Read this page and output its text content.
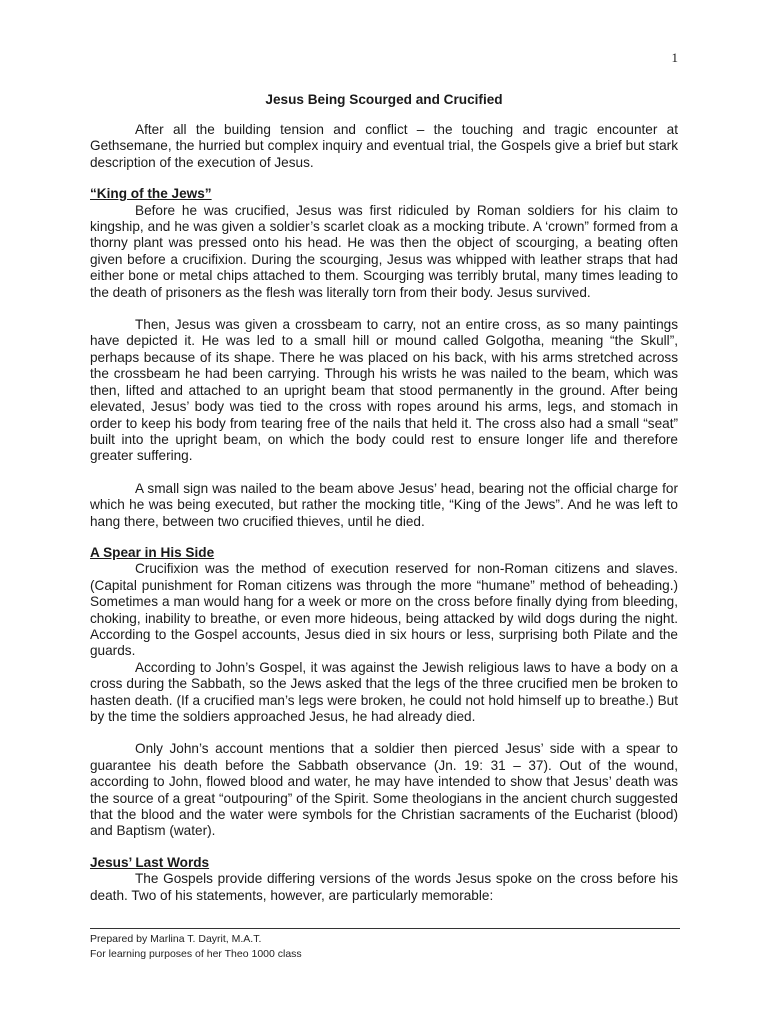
1
Jesus Being Scourged and Crucified

After all the building tension and conflict – the touching and tragic encounter at Gethsemane, the hurried but complex inquiry and eventual trial, the Gospels give a brief but stark description of the execution of Jesus.

“King of the Jews”

Before he was crucified, Jesus was first ridiculed by Roman soldiers for his claim to kingship, and he was given a soldier’s scarlet cloak as a mocking tribute. A ‘crown” formed from a thorny plant was pressed onto his head. He was then the object of scourging, a beating often given before a crucifixion. During the scourging, Jesus was whipped with leather straps that had either bone or metal chips attached to them. Scourging was terribly brutal, many times leading to the death of prisoners as the flesh was literally torn from their body. Jesus survived.

Then, Jesus was given a crossbeam to carry, not an entire cross, as so many paintings have depicted it. He was led to a small hill or mound called Golgotha, meaning “the Skull”, perhaps because of its shape. There he was placed on his back, with his arms stretched across the crossbeam he had been carrying. Through his wrists he was nailed to the beam, which was then, lifted and attached to an upright beam that stood permanently in the ground. After being elevated, Jesus’ body was tied to the cross with ropes around his arms, legs, and stomach in order to keep his body from tearing free of the nails that held it. The cross also had a small “seat” built into the upright beam, on which the body could rest to ensure longer life and therefore greater suffering.

A small sign was nailed to the beam above Jesus’ head, bearing not the official charge for which he was being executed, but rather the mocking title, “King of the Jews”. And he was left to hang there, between two crucified thieves, until he died.

A Spear in His Side

Crucifixion was the method of execution reserved for non-Roman citizens and slaves. (Capital punishment for Roman citizens was through the more “humane” method of beheading.) Sometimes a man would hang for a week or more on the cross before finally dying from bleeding, choking, inability to breathe, or even more hideous, being attacked by wild dogs during the night. According to the Gospel accounts, Jesus died in six hours or less, surprising both Pilate and the guards.

According to John’s Gospel, it was against the Jewish religious laws to have a body on a cross during the Sabbath, so the Jews asked that the legs of the three crucified men be broken to hasten death. (If a crucified man’s legs were broken, he could not hold himself up to breathe.) But by the time the soldiers approached Jesus, he had already died.

Only John’s account mentions that a soldier then pierced Jesus’ side with a spear to guarantee his death before the Sabbath observance (Jn. 19: 31 – 37). Out of the wound, according to John, flowed blood and water, he may have intended to show that Jesus’ death was the source of a great “outpouring” of the Spirit. Some theologians in the ancient church suggested that the blood and the water were symbols for the Christian sacraments of the Eucharist (blood) and Baptism (water).

Jesus’ Last Words

The Gospels provide differing versions of the words Jesus spoke on the cross before his death. Two of his statements, however, are particularly memorable:

Prepared by Marlina T. Dayrit, M.A.T.
For learning purposes of her Theo 1000 class
